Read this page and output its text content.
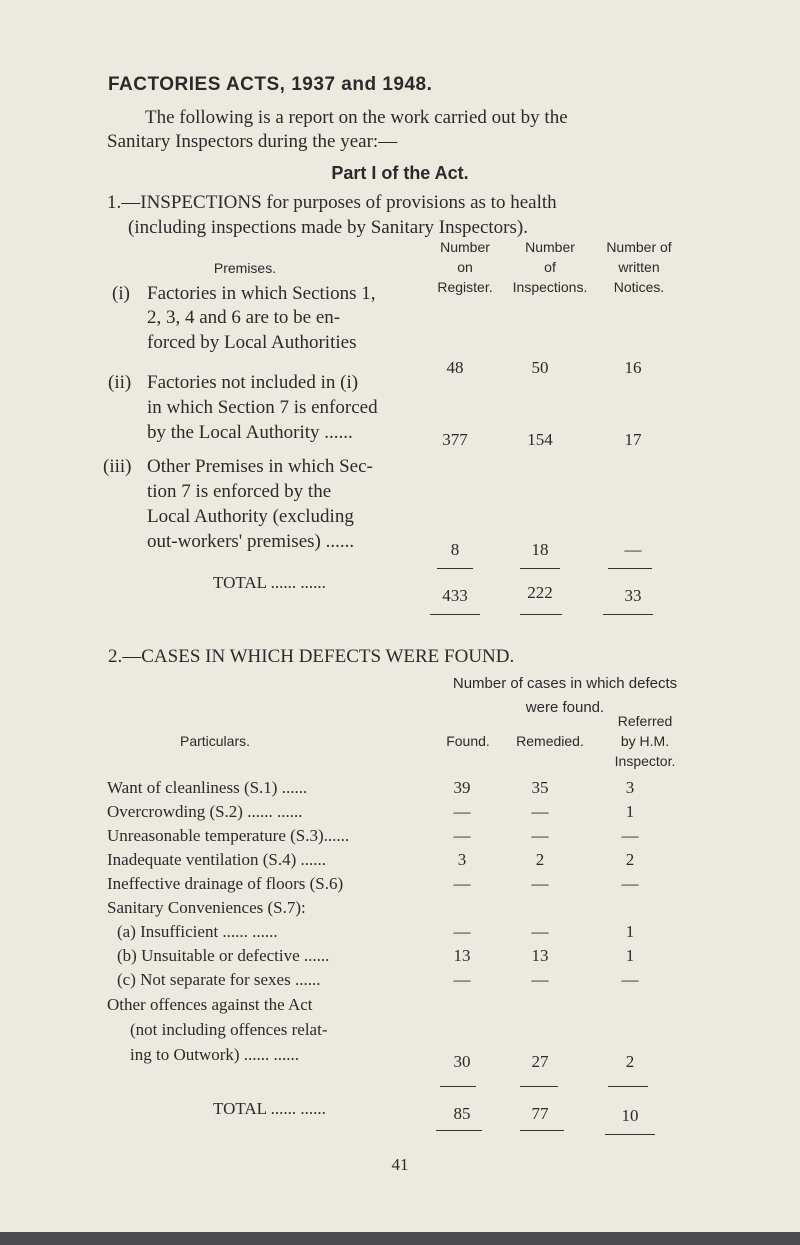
FACTORIES ACTS, 1937 and 1948.
The following is a report on the work carried out by the
Sanitary Inspectors during the year:—
Part I of the Act.
1.—INSPECTIONS for purposes of provisions as to health
(including inspections made by Sanitary Inspectors).
Premises.
Number
on
Register.
Number
of
Inspections.
Number of
written
Notices.
(i) Factories in which Sections 1,
2, 3, 4 and 6 are to be en-
forced by Local Authorities
48	50	16
(ii) Factories not included in (i)
in which Section 7 is enforced
by the Local Authority ......	377	154	17
(iii) Other Premises in which Sec-
tion 7 is enforced by the
Local Authority (excluding
out-workers' premises) ......	8	18	—
TOTAL ...... ......
433	222	33
2.—CASES IN WHICH DEFECTS WERE FOUND.
Number of cases in which defects
were found.
Particulars.	Found.	Remedied.
Referred
by H.M.
Inspector.
Want of cleanliness (S.1) ......	39	35	3
Overcrowding (S.2) ...... ......	—	—	1
Unreasonable temperature (S.3)......	—	—	—
Inadequate ventilation (S.4) ......	3	2	2
Ineffective drainage of floors (S.6)	—	—	—
Sanitary Conveniences (S.7):
(a) Insufficient ...... ......	—	—	1
(b) Unsuitable or defective ......	13	13	1
(c) Not separate for sexes ......	—	—	—
Other offences against the Act
(not including offences relat-
ing to Outwork) ...... ......	30	27	2
TOTAL ...... ......	85	77	10
41
